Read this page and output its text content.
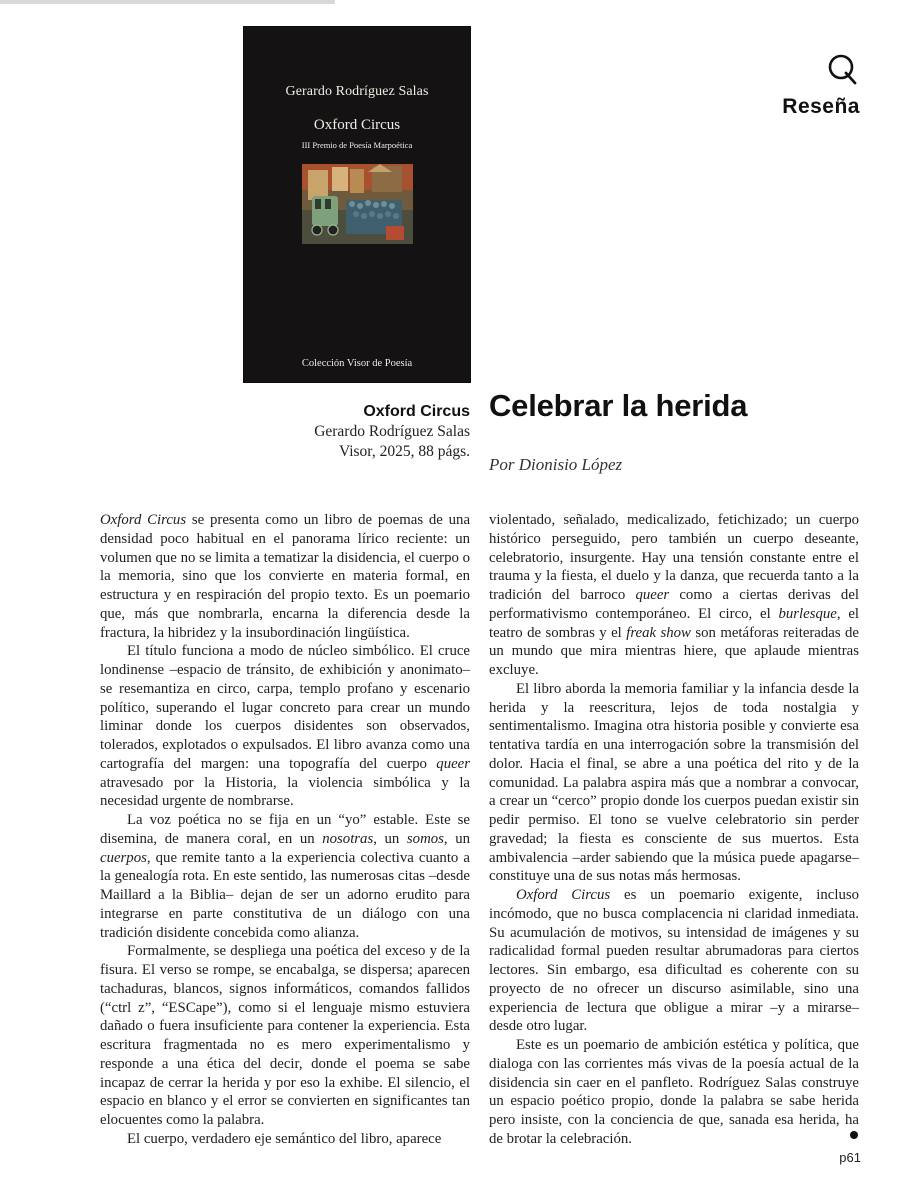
Gerardo Rodríguez Salas
Oxford Circus
III Premio de Poesía Marpoética
Colección Visor de Poesía
Reseña
Oxford Circus
Gerardo Rodríguez Salas
Visor, 2025, 88 págs.
Celebrar la herida
Por Dionisio López

Oxford Circus se presenta como un libro de poemas de una densidad poco habitual en el panorama lírico reciente: un volumen que no se limita a tematizar la disidencia, el cuerpo o la memoria, sino que los convierte en materia formal, en estructura y en respiración del propio texto. Es un poemario que, más que nombrarla, encarna la diferencia desde la fractura, la hibridez y la insubordinación lingüística.

El título funciona a modo de núcleo simbólico. El cruce londinense –espacio de tránsito, de exhibición y anonimato– se resemantiza en circo, carpa, templo profano y escenario político, superando el lugar concreto para crear un mundo liminar donde los cuerpos disidentes son observados, tolerados, explotados o expulsados. El libro avanza como una cartografía del margen: una topografía del cuerpo queer atravesado por la Historia, la violencia simbólica y la necesidad urgente de nombrarse.

La voz poética no se fija en un “yo” estable. Este se disemina, de manera coral, en un nosotras, un somos, un cuerpos, que remite tanto a la experiencia colectiva cuanto a la genealogía rota. En este sentido, las numerosas citas –desde Maillard a la Biblia– dejan de ser un adorno erudito para integrarse en parte constitutiva de un diálogo con una tradición disidente concebida como alianza.

Formalmente, se despliega una poética del exceso y de la fisura. El verso se rompe, se encabalga, se dispersa; aparecen tachaduras, blancos, signos informáticos, comandos fallidos (“ctrl z”, “ESCape”), como si el lenguaje mismo estuviera dañado o fuera insuficiente para contener la experiencia. Esta escritura fragmentada no es mero experimentalismo y responde a una ética del decir, donde el poema se sabe incapaz de cerrar la herida y por eso la exhibe. El silencio, el espacio en blanco y el error se convierten en significantes tan elocuentes como la palabra.

El cuerpo, verdadero eje semántico del libro, aparece

violentado, señalado, medicalizado, fetichizado; un cuerpo histórico perseguido, pero también un cuerpo deseante, celebratorio, insurgente. Hay una tensión constante entre el trauma y la fiesta, el duelo y la danza, que recuerda tanto a la tradición del barroco queer como a ciertas derivas del performativismo contemporáneo. El circo, el burlesque, el teatro de sombras y el freak show son metáforas reiteradas de un mundo que mira mientras hiere, que aplaude mientras excluye.

El libro aborda la memoria familiar y la infancia desde la herida y la reescritura, lejos de toda nostalgia y sentimentalismo. Imagina otra historia posible y convierte esa tentativa tardía en una interrogación sobre la transmisión del dolor. Hacia el final, se abre a una poética del rito y de la comunidad. La palabra aspira más que a nombrar a convocar, a crear un “cerco” propio donde los cuerpos puedan existir sin pedir permiso. El tono se vuelve celebratorio sin perder gravedad; la fiesta es consciente de sus muertos. Esta ambivalencia –arder sabiendo que la música puede apagarse– constituye una de sus notas más hermosas.

Oxford Circus es un poemario exigente, incluso incómodo, que no busca complacencia ni claridad inmediata. Su acumulación de motivos, su intensidad de imágenes y su radicalidad formal pueden resultar abrumadoras para ciertos lectores. Sin embargo, esa dificultad es coherente con su proyecto de no ofrecer un discurso asimilable, sino una experiencia de lectura que obligue a mirar –y a mirarse– desde otro lugar.

Este es un poemario de ambición estética y política, que dialoga con las corrientes más vivas de la poesía actual de la disidencia sin caer en el panfleto. Rodríguez Salas construye un espacio poético propio, donde la palabra se sabe herida pero insiste, con la conciencia de que, sanada esa herida, ha de brotar la celebración.

p61
